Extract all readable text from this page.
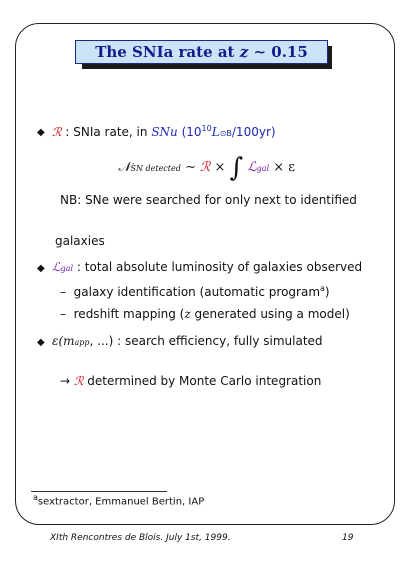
The SNIa rate at z ∼ 0.15
◆ ℛ : SNIa rate, in SNu $(10^{10}L⊙B/100yr)$
𝒩SN detected ∼ ℛ × ∫ ℒgal × ε
NB: SNe were searched for only next to identified
galaxies
◆ ℒgal : total absolute luminosity of galaxies observed
– galaxy identification (automatic program$^a$)
– redshift mapping (z generated using a model)
◆ ε(mapp, ...) : search efficiency, fully simulated
→ ℛ determined by Monte Carlo integration
$^a$sextractor, Emmanuel Bertin, IAP
XIth Rencontres de Blois. July 1st, 1999.	19
